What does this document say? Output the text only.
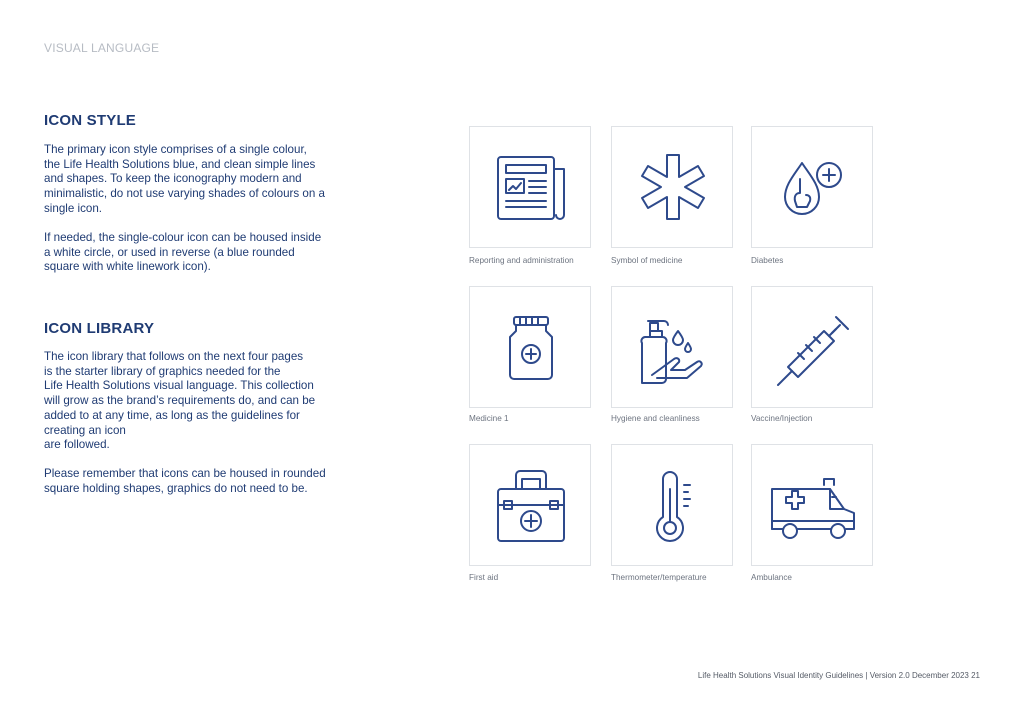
VISUAL LANGUAGE
ICON STYLE
The primary icon style comprises of a single colour,
the Life Health Solutions blue, and clean simple lines
and shapes. To keep the iconography modern and
minimalistic, do not use varying shades of colours on a
single icon.
If needed, the single-colour icon can be housed inside
a white circle, or used in reverse (a blue rounded
square with white linework icon).
ICON LIBRARY
The icon library that follows on the next four pages
is the starter library of graphics needed for the
Life Health Solutions visual language. This collection
will grow as the brand’s requirements do, and can be
added to at any time, as long as the guidelines for
creating an icon
are followed.
Please remember that icons can be housed in rounded
square holding shapes, graphics do not need to be.
Reporting and administration	Symbol of medicine	Diabetes
Medicine 1	Hygiene and cleanliness	Vaccine/Injection
First aid	Thermometer/temperature	Ambulance
Life Health Solutions Visual Identity Guidelines | Version 2.0 December 2023 21
